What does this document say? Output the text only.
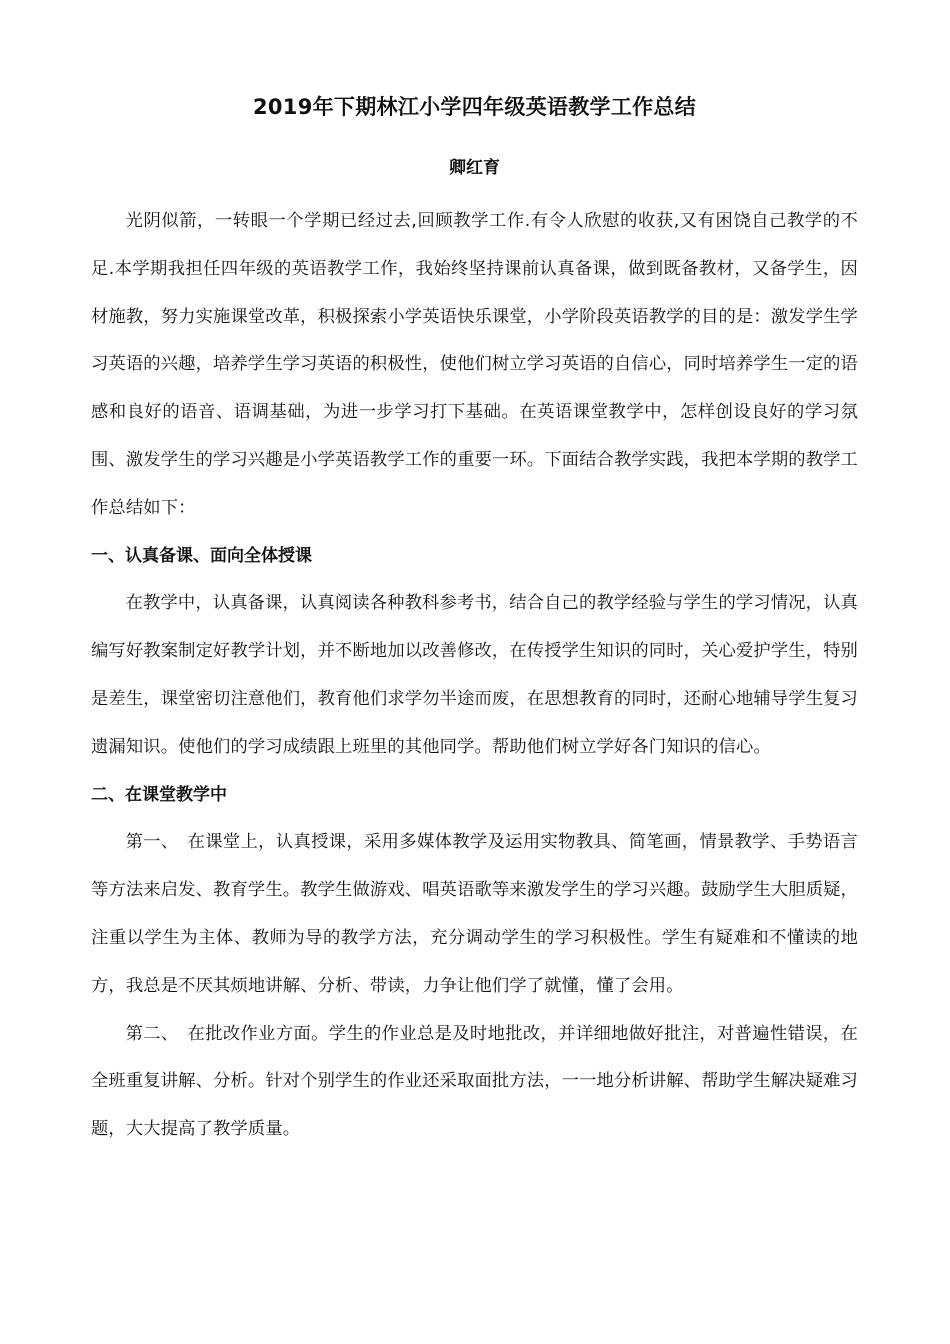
2019年下期林江小学四年级英语教学工作总结
卿红育

光阴似箭，一转眼一个学期已经过去,回顾教学工作.有令人欣慰的收获,又有困饶自己教学的不足.本学期我担任四年级的英语教学工作，我始终坚持课前认真备课，做到既备教材，又备学生，因材施教，努力实施课堂改革，积极探索小学英语快乐课堂，小学阶段英语教学的目的是：激发学生学习英语的兴趣，培养学生学习英语的积极性，使他们树立学习英语的自信心，同时培养学生一定的语感和良好的语音、语调基础，为进一步学习打下基础。在英语课堂教学中，怎样创设良好的学习氛围、激发学生的学习兴趣是小学英语教学工作的重要一环。下面结合教学实践，我把本学期的教学工作总结如下：

一、认真备课、面向全体授课

在教学中，认真备课，认真阅读各种教科参考书，结合自己的教学经验与学生的学习情况，认真编写好教案制定好教学计划，并不断地加以改善修改，在传授学生知识的同时，关心爱护学生，特别是差生，课堂密切注意他们，教育他们求学勿半途而废，在思想教育的同时，还耐心地辅导学生复习遗漏知识。使他们的学习成绩跟上班里的其他同学。帮助他们树立学好各门知识的信心。

二、在课堂教学中

第一、　在课堂上，认真授课，采用多媒体教学及运用实物教具、简笔画，情景教学、手势语言等方法来启发、教育学生。教学生做游戏、唱英语歌等来激发学生的学习兴趣。鼓励学生大胆质疑，注重以学生为主体、教师为导的教学方法，充分调动学生的学习积极性。学生有疑难和不懂读的地方，我总是不厌其烦地讲解、分析、带读，力争让他们学了就懂，懂了会用。

第二、　在批改作业方面。学生的作业总是及时地批改，并详细地做好批注，对普遍性错误，在全班重复讲解、分析。针对个别学生的作业还采取面批方法，一一地分析讲解、帮助学生解决疑难习题，大大提高了教学质量。
